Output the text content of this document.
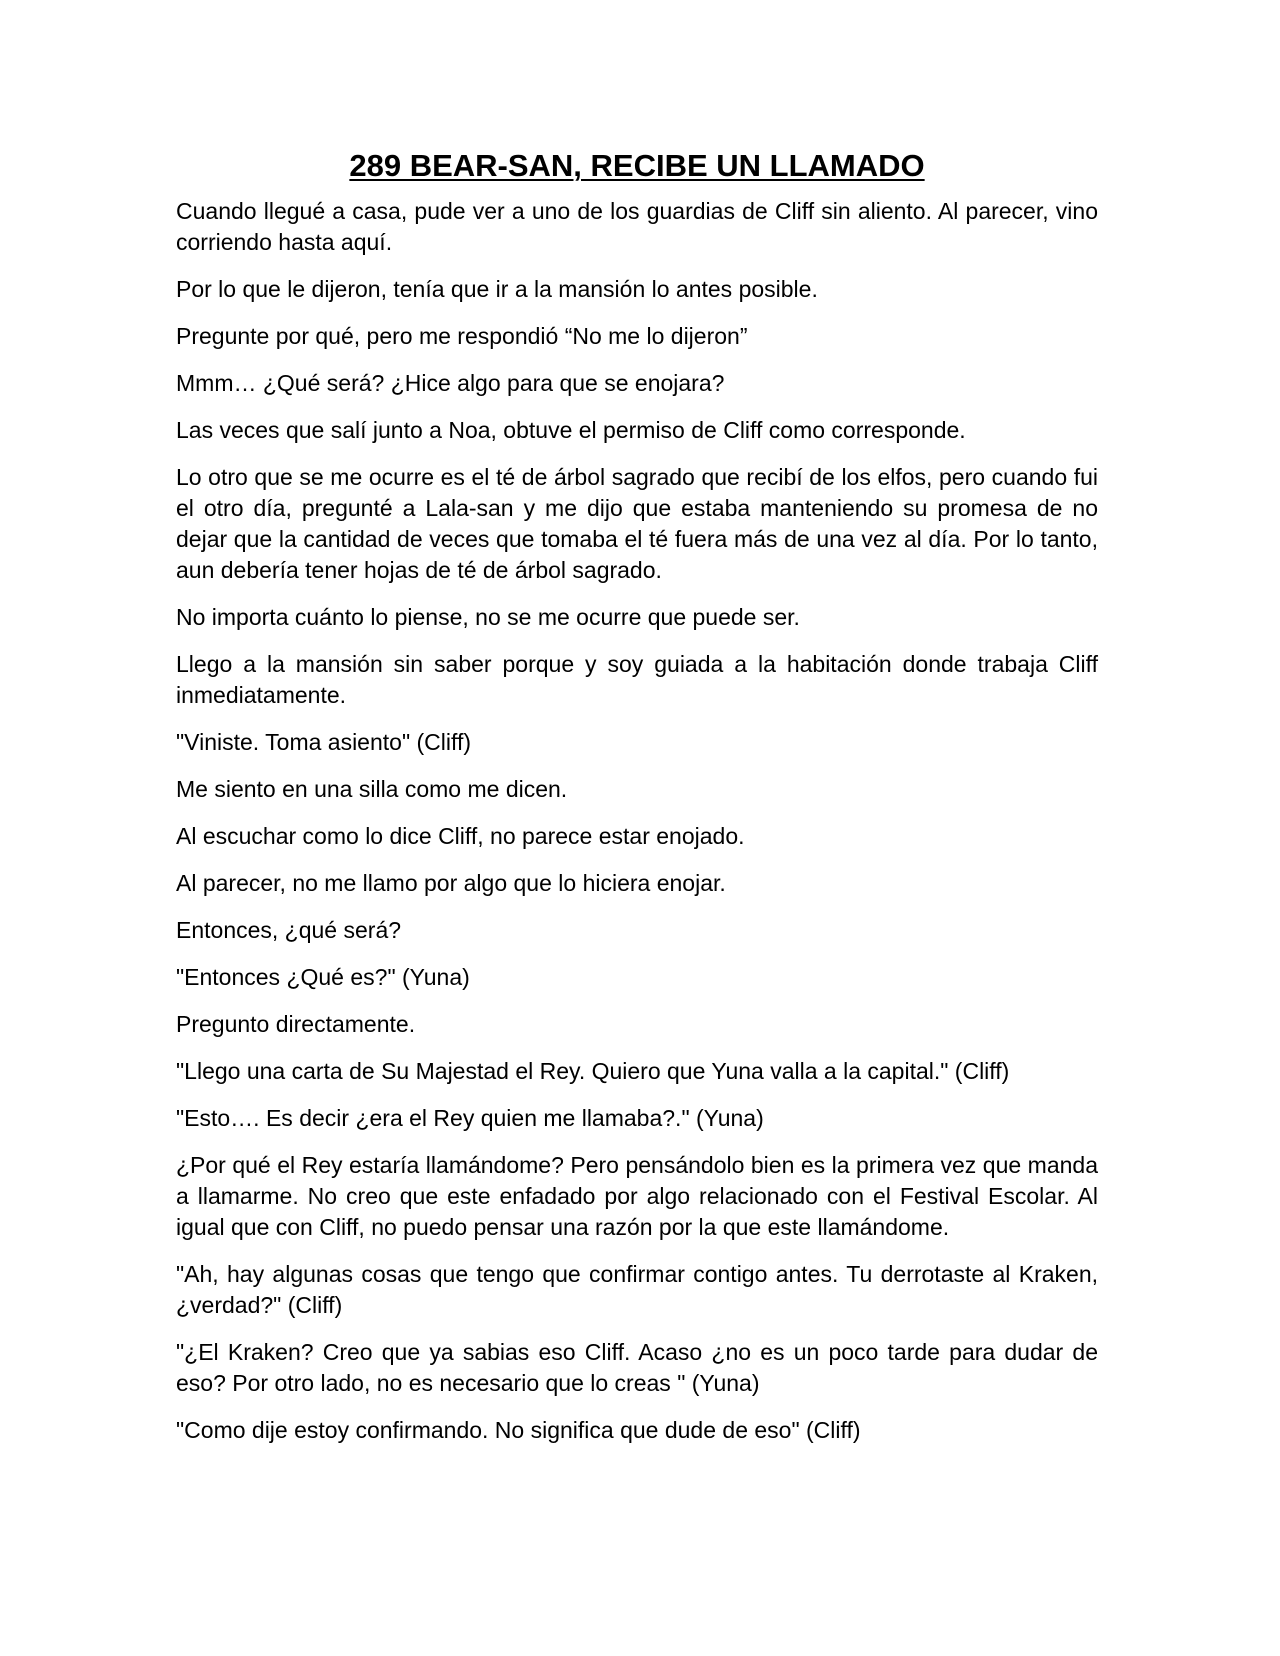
289 BEAR-SAN, RECIBE UN LLAMADO

Cuando llegué a casa, pude ver a uno de los guardias de Cliff sin aliento. Al parecer, vino corriendo hasta aquí.

Por lo que le dijeron, tenía que ir a la mansión lo antes posible.

Pregunte por qué, pero me respondió “No me lo dijeron”

Mmm… ¿Qué será? ¿Hice algo para que se enojara?

Las veces que salí junto a Noa, obtuve el permiso de Cliff como corresponde.

Lo otro que se me ocurre es el té de árbol sagrado que recibí de los elfos, pero cuando fui el otro día, pregunté a Lala-san y me dijo que estaba manteniendo su promesa de no dejar que la cantidad de veces que tomaba el té fuera más de una vez al día. Por lo tanto, aun debería tener hojas de té de árbol sagrado.

No importa cuánto lo piense, no se me ocurre que puede ser.

Llego a la mansión sin saber porque y soy guiada a la habitación donde trabaja Cliff inmediatamente.

"Viniste. Toma asiento" (Cliff)

Me siento en una silla como me dicen.

Al escuchar como lo dice Cliff, no parece estar enojado.

Al parecer, no me llamo por algo que lo hiciera enojar.

Entonces, ¿qué será?

"Entonces ¿Qué es?" (Yuna)

Pregunto directamente.

"Llego una carta de Su Majestad el Rey. Quiero que Yuna valla a la capital." (Cliff)

"Esto…. Es decir ¿era el Rey quien me llamaba?." (Yuna)

¿Por qué el Rey estaría llamándome? Pero pensándolo bien es la primera vez que manda a llamarme. No creo que este enfadado por algo relacionado con el Festival Escolar. Al igual que con Cliff, no puedo pensar una razón por la que este llamándome.

"Ah, hay algunas cosas que tengo que confirmar contigo antes. Tu derrotaste al Kraken, ¿verdad?" (Cliff)

"¿El Kraken? Creo que ya sabias eso Cliff. Acaso ¿no es un poco tarde para dudar de eso? Por otro lado, no es necesario que lo creas " (Yuna)

"Como dije estoy confirmando. No significa que dude de eso" (Cliff)
